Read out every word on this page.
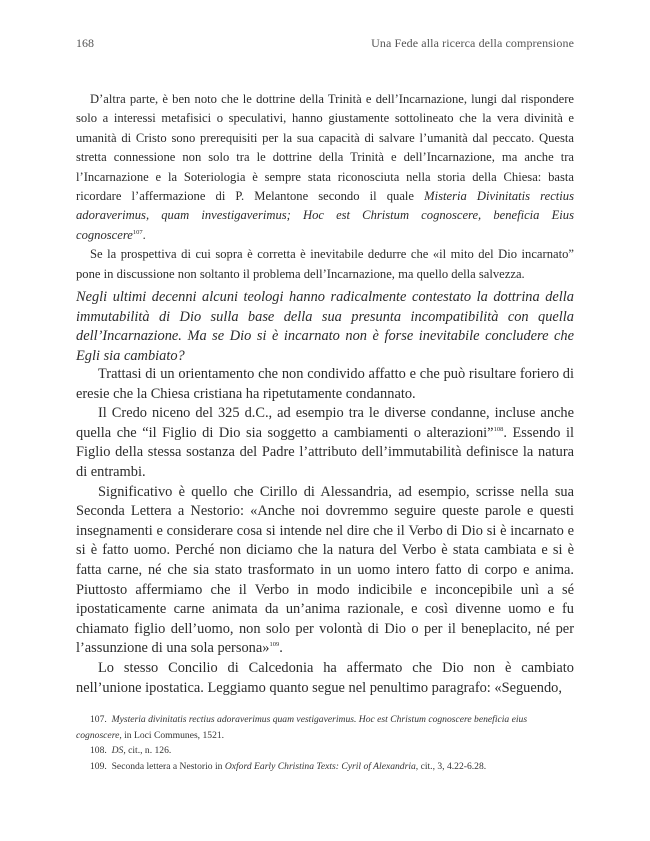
168	Una Fede alla ricerca della comprensione

D’altra parte, è ben noto che le dottrine della Trinità e dell’Incarnazione, lungi dal rispondere solo a interessi metafisici o speculativi, hanno giustamente sottolineato che la vera divinità e umanità di Cristo sono prerequisiti per la sua capacità di salvare l’umanità dal peccato. Questa stretta connessione non solo tra le dottrine della Trinità e dell’Incarnazione, ma anche tra l’Incarnazione e la Soteriologia è sempre stata riconosciuta nella storia della Chiesa: basta ricordare l’affermazione di P. Melantone secondo il quale Misteria Divinitatis rectius adoraverimus, quam investigaverimus; Hoc est Christum cognoscere, beneficia Eius cognoscere$^{107}$.

Se la prospettiva di cui sopra è corretta è inevitabile dedurre che «il mito del Dio incarnato” pone in discussione non soltanto il problema dell’Incarnazione, ma quello della salvezza.

Negli ultimi decenni alcuni teologi hanno radicalmente contestato la dottrina della immutabilità di Dio sulla base della sua presunta incompatibilità con quella dell’Incarnazione. Ma se Dio si è incarnato non è forse inevitabile concludere che Egli sia cambiato?

Trattasi di un orientamento che non condivido affatto e che può risultare foriero di eresie che la Chiesa cristiana ha ripetutamente condannato.

Il Credo niceno del 325 d.C., ad esempio tra le diverse condanne, incluse anche quella che “il Figlio di Dio sia soggetto a cambiamenti o alterazioni”$^{108}$. Essendo il Figlio della stessa sostanza del Padre l’attributo dell’immutabilità definisce la natura di entrambi.

Significativo è quello che Cirillo di Alessandria, ad esempio, scrisse nella sua Seconda Lettera a Nestorio: «Anche noi dovremmo seguire queste parole e questi insegnamenti e considerare cosa si intende nel dire che il Verbo di Dio si è incarnato e si è fatto uomo. Perché non diciamo che la natura del Verbo è stata cambiata e si è fatta carne, né che sia stato trasformato in un uomo intero fatto di corpo e anima. Piuttosto affermiamo che il Verbo in modo indicibile e inconcepibile unì a sé ipostaticamente carne animata da un’anima razionale, e così divenne uomo e fu chiamato figlio dell’uomo, non solo per volontà di Dio o per il beneplacito, né per l’assunzione di una sola persona»$^{109}$.

Lo stesso Concilio di Calcedonia ha affermato che Dio non è cambiato nell’unione ipostatica. Leggiamo quanto segue nel penultimo paragrafo: «Seguendo,

107. Mysteria divinitatis rectius adoraverimus quam vestigaverimus. Hoc est Christum cognoscere beneficia eius cognoscere, in Loci Communes, 1521.

108. DS, cit., n. 126.

109. Seconda lettera a Nestorio in Oxford Early Christina Texts: Cyril of Alexandria, cit., 3, 4.22-6.28.
